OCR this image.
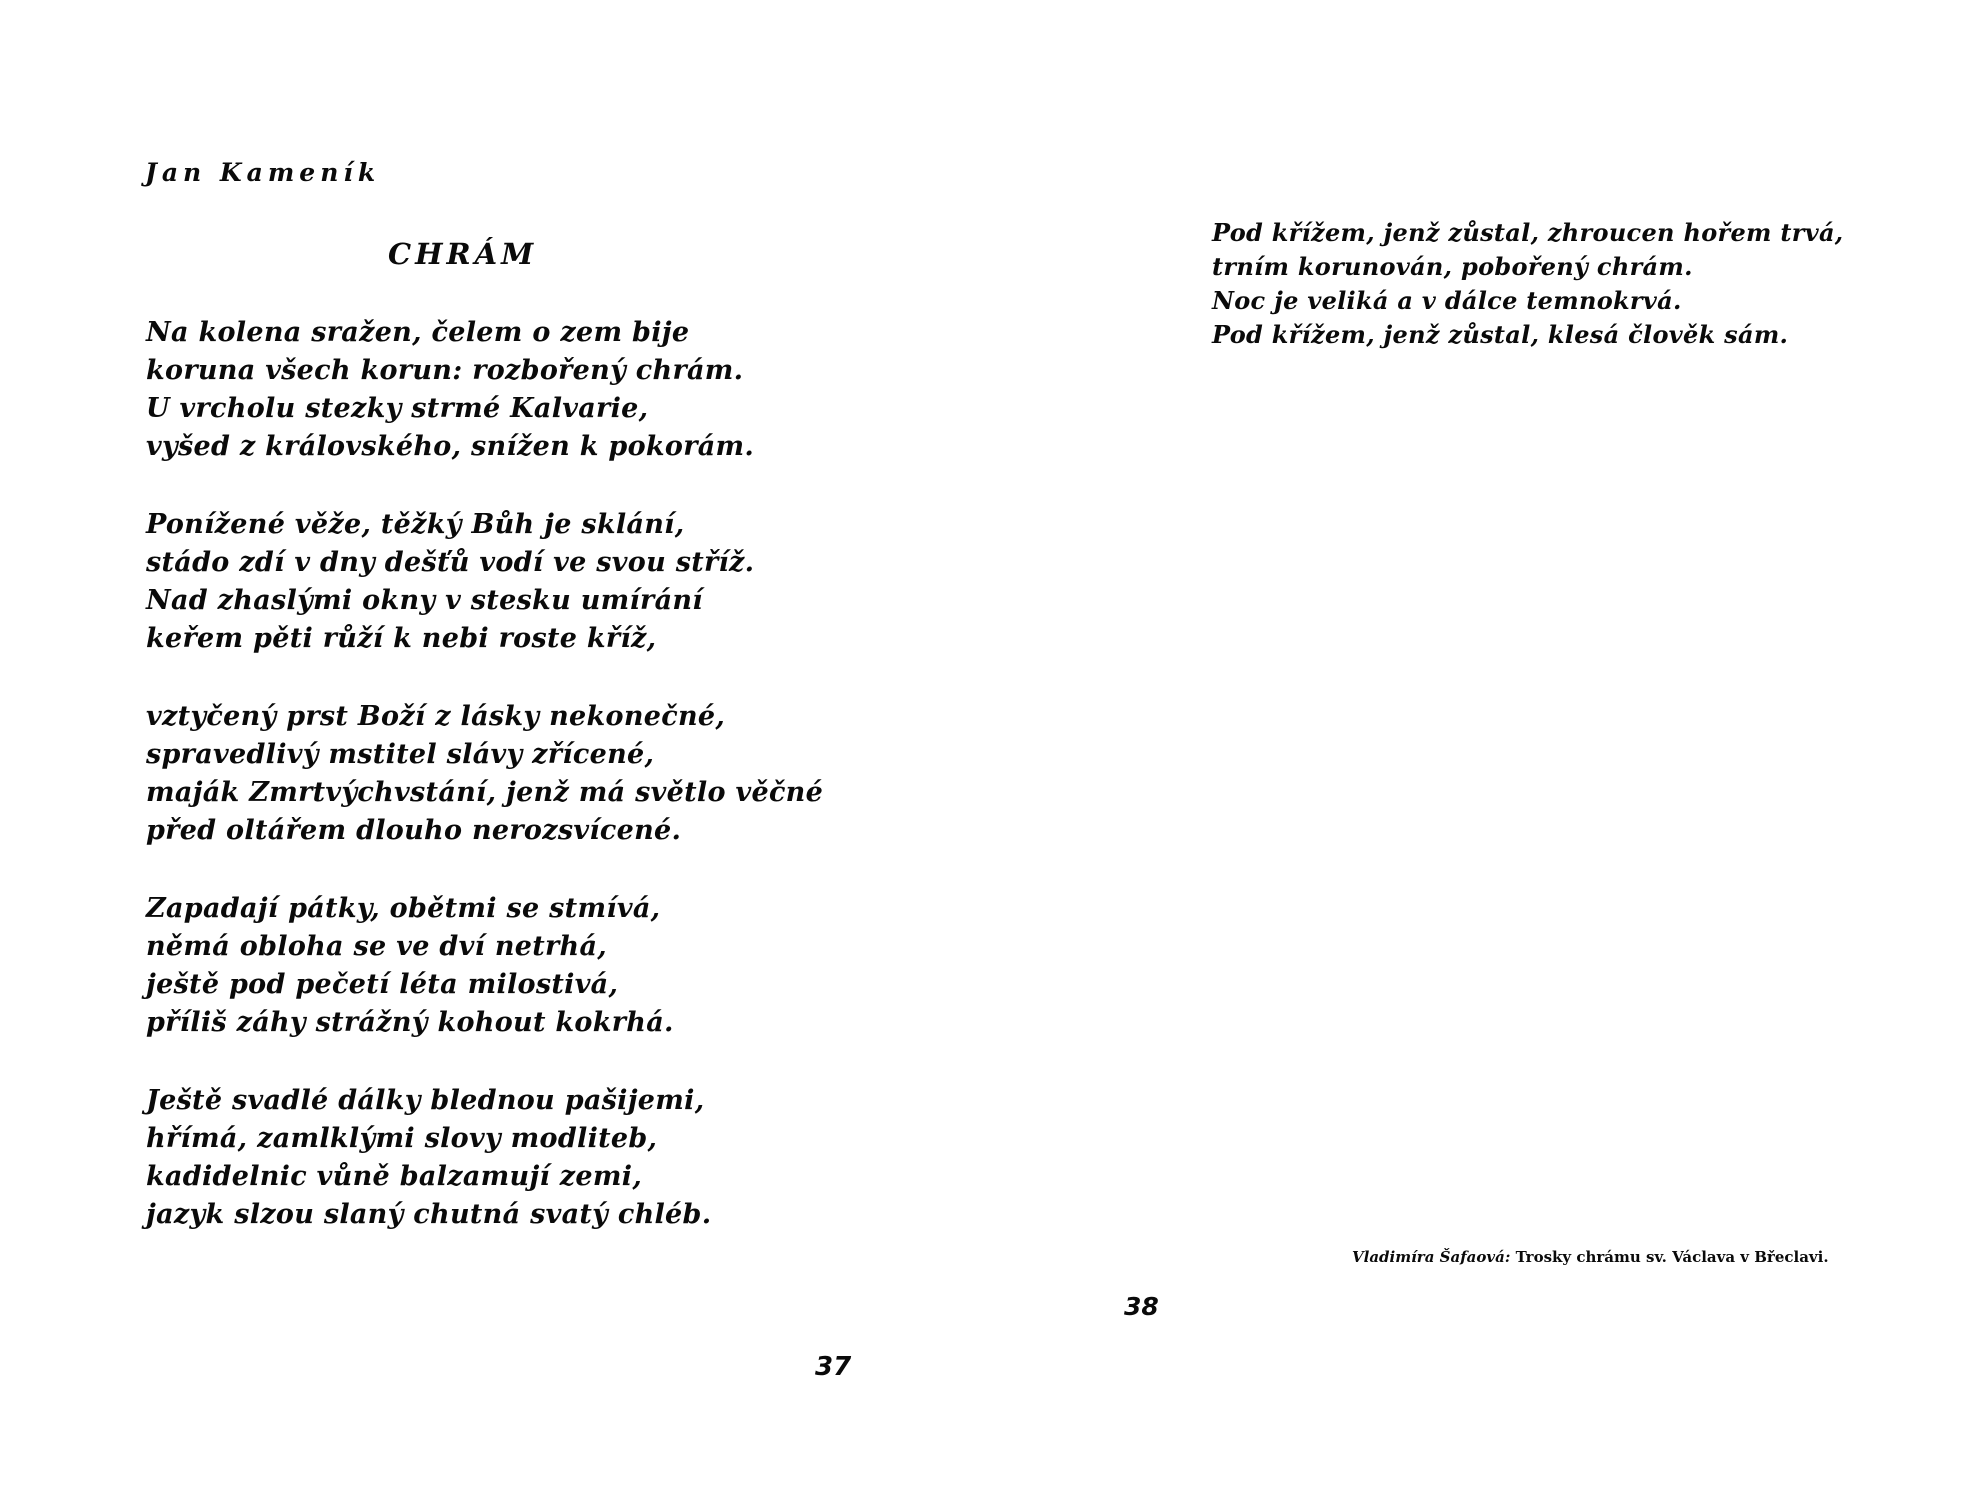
Jan Kameník
CHRÁM
Na kolena sražen, čelem o zem bije
koruna všech korun: rozbořený chrám.
U vrcholu stezky strmé Kalvarie,
vyšed z královského, snížen k pokorám.
Ponížené věže, těžký Bůh je sklání,
stádo zdí v dny dešťů vodí ve svou stříž.
Nad zhaslými okny v stesku umírání
keřem pěti růží k nebi roste kříž,
vztyčený prst Boží z lásky nekonečné,
spravedlivý mstitel slávy zřícené,
maják Zmrtvýchvstání, jenž má světlo věčné
před oltářem dlouho nerozsvícené.
Zapadají pátky, obětmi se stmívá,
němá obloha se ve dví netrhá,
ještě pod pečetí léta milostivá,
příliš záhy strážný kohout kokrhá.
Ještě svadlé dálky blednou pašijemi,
hřímá, zamlklými slovy modliteb,
kadidelnic vůně balzamují zemi,
jazyk slzou slaný chutná svatý chléb.
37
Pod křížem, jenž zůstal, zhroucen hořem trvá,
trním korunován, pobořený chrám.
Noc je veliká a v dálce temnokrvá.
Pod křížem, jenž zůstal, klesá člověk sám.
Vladimíra Šafaová: Trosky chrámu sv. Václava v Břeclavi.
38
